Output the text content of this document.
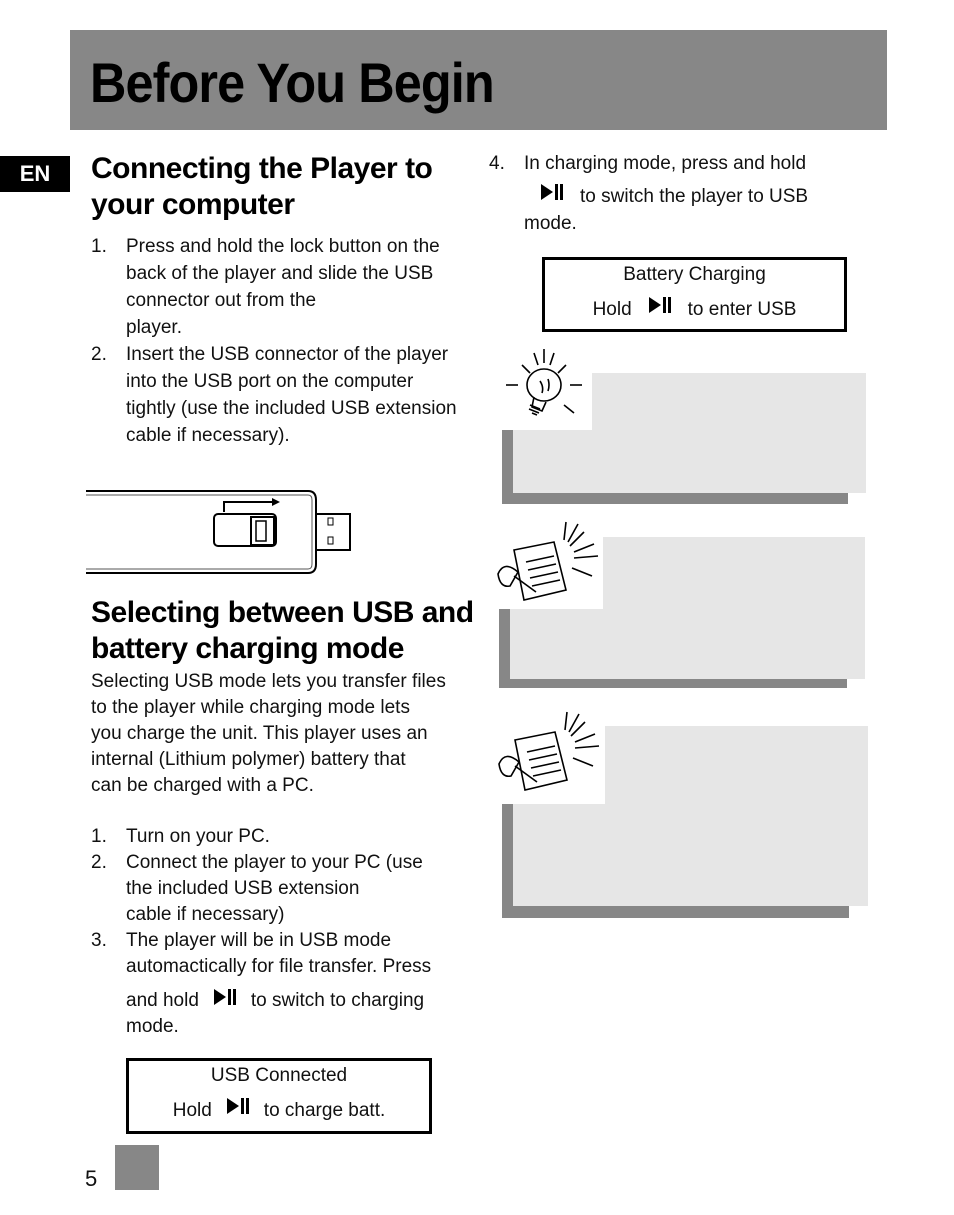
Before You Begin
EN	Connecting the Player to
your computer
1. Press and hold the lock button on the
back of the player and slide the USB
connector out from the
player.
2. Insert the USB connector of the player
into the USB port on the computer
tightly (use the included USB extension
cable if necessary).
Selecting between USB and
battery charging mode
Selecting USB mode lets you transfer files
to the player while charging mode lets
you charge the unit. This player uses an
internal (Lithium polymer) battery that
can be charged with a PC.
1. Turn on your PC.
2. Connect the player to your PC (use
the included USB extension
cable if necessary)
3. The player will be in USB mode
automactically for file transfer. Press
and hold	to switch to charging
mode.
USB Connected
Hold	to charge batt.
4. In charging mode, press and hold
to switch the player to USB
mode.
Battery Charging
Hold	to enter USB
5
